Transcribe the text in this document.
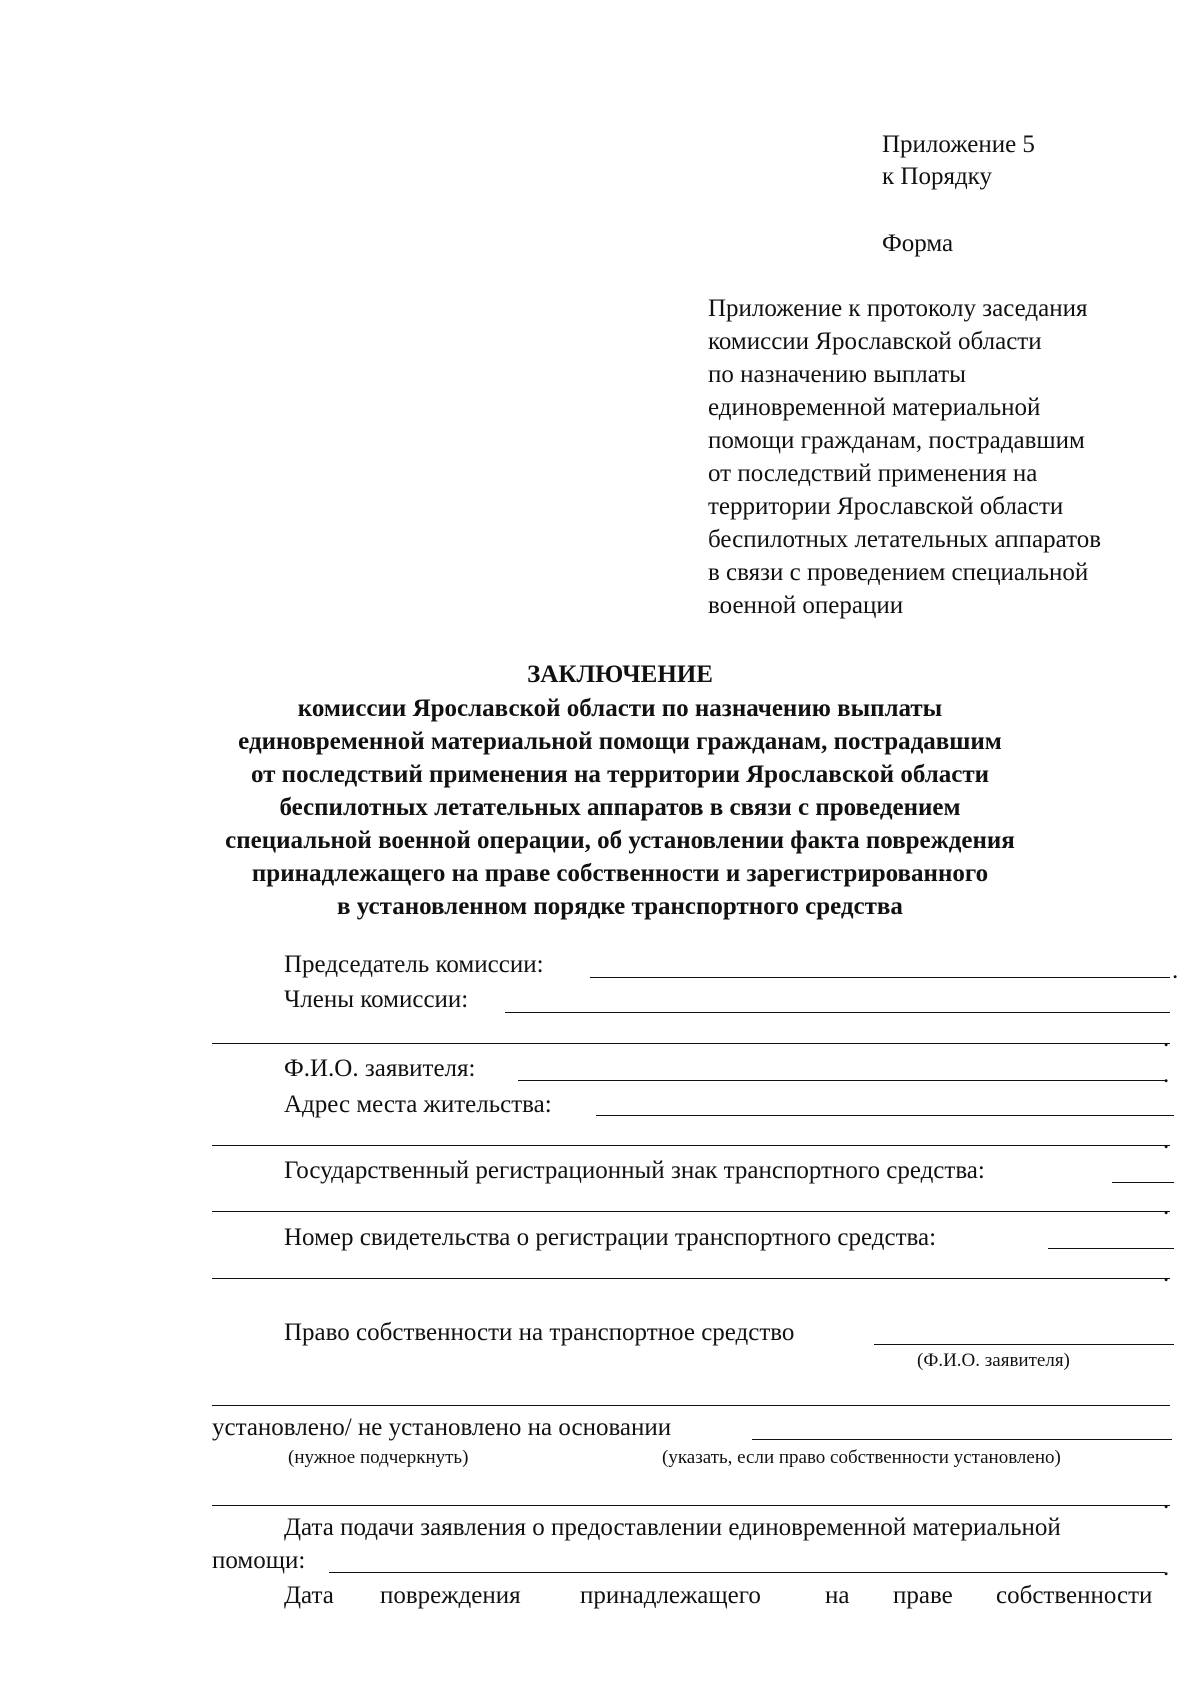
Приложение 5
к Порядку
Форма
Приложение к протоколу заседания
комиссии Ярославской области
по назначению выплаты
единовременной материальной
помощи гражданам, пострадавшим
от последствий применения на
территории Ярославской области
беспилотных летательных аппаратов
в связи с проведением специальной
военной операции
ЗАКЛЮЧЕНИЕ
комиссии Ярославской области по назначению выплаты
единовременной материальной помощи гражданам, пострадавшим
от последствий применения на территории Ярославской области
беспилотных летательных аппаратов в связи с проведением
специальной военной операции, об установлении факта повреждения
принадлежащего на праве собственности и зарегистрированного
в установленном порядке транспортного средства
Председатель комиссии:	.
Члены комиссии:
.
Ф.И.О. заявителя:	.
Адрес места жительства:
.
Государственный регистрационный знак транспортного средства:
.
Номер свидетельства о регистрации транспортного средства:
.
Право собственности на транспортное средство
(Ф.И.О. заявителя)
установлено/ не установлено на основании
(нужное подчеркнуть)	(указать, если право собственности установлено)
.
Дата подачи заявления о предоставлении единовременной материальной
помощи:	.
Дата повреждения принадлежащего	на праве собственности
